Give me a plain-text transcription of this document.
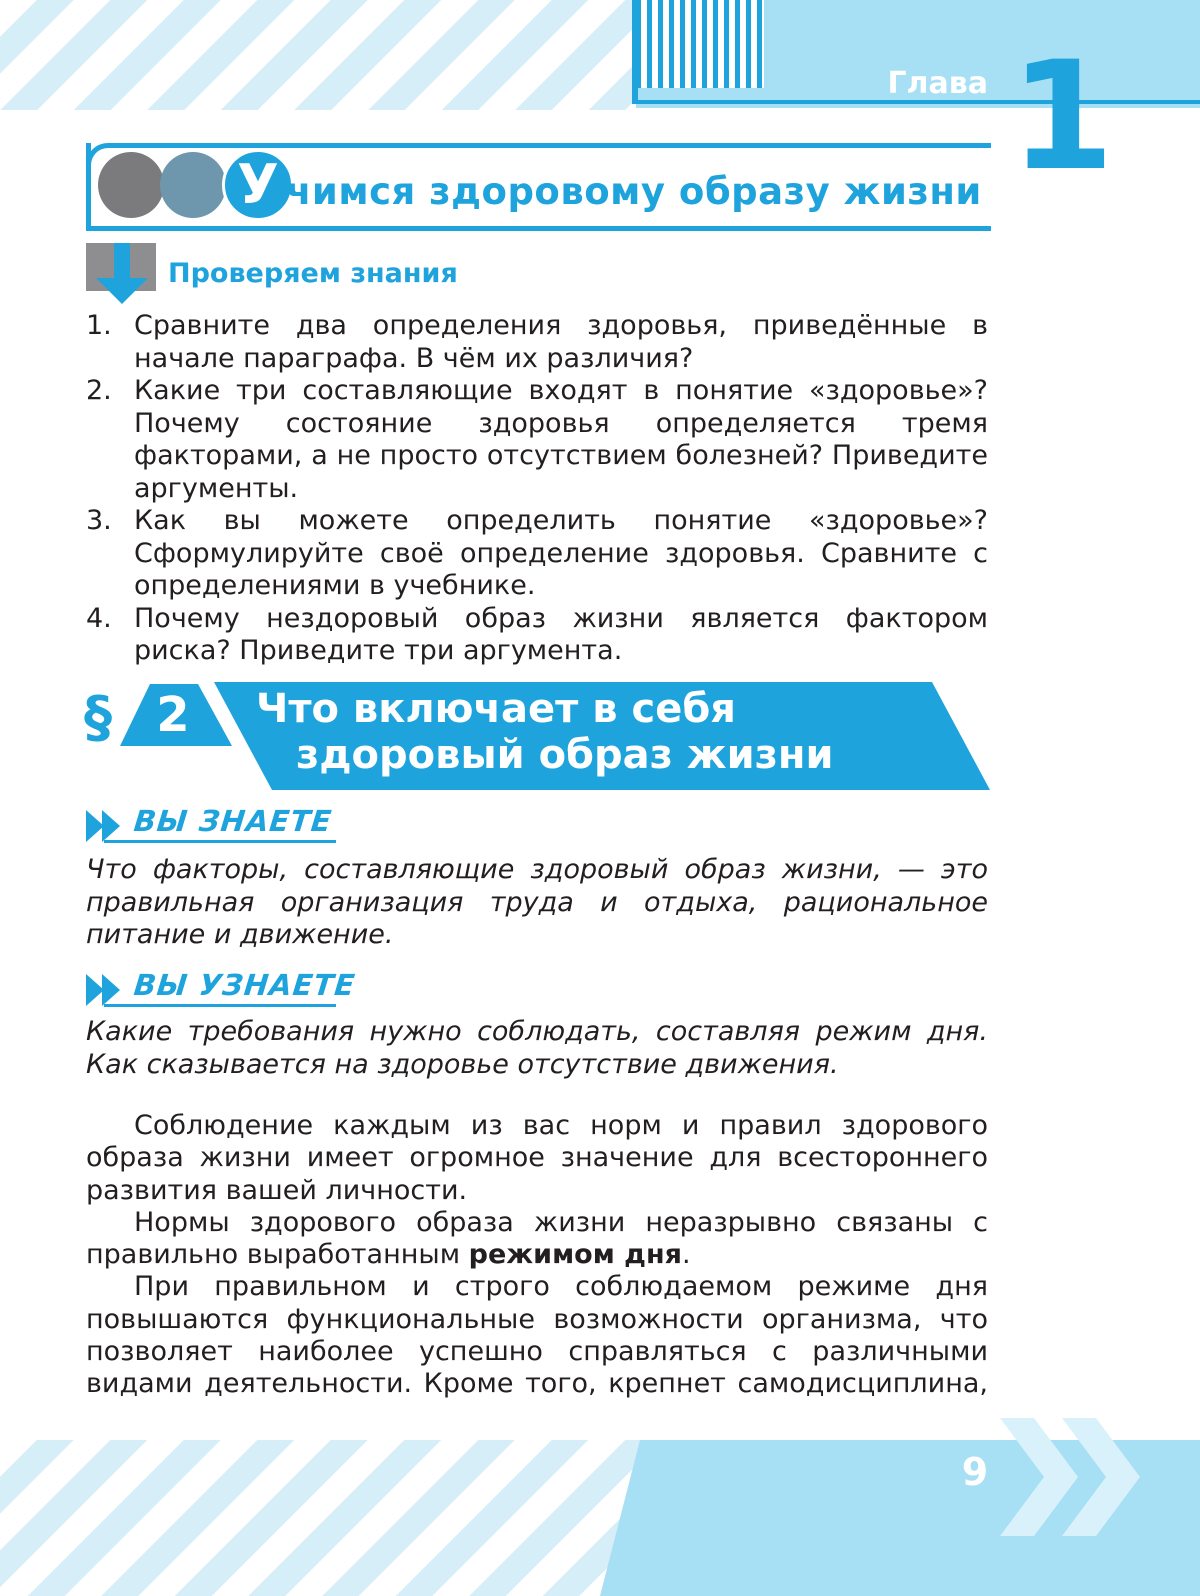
Глава 1
У чимся здоровому образу жизни
Проверяем знания
1. Сравните два определения здоровья, приведённые в начале параграфа. В чём их различия?
2. Какие три составляющие входят в понятие «здоровье»? Почему состояние здоровья определяется тремя факторами, а не просто отсутствием болезней? Приведите аргументы.
3. Как вы можете определить понятие «здоровье»? Сформулируйте своё определение здоровья. Сравните с определениями в учебнике.
4. Почему нездоровый образ жизни является фактором риска? Приведите три аргумента.
§ 2 Что включает в себя
здоровый образ жизни
ВЫ ЗНАЕТЕ
Что факторы, составляющие здоровый образ жизни, — это правильная организация труда и отдыха, рациональное питание и движение.
ВЫ УЗНАЕТЕ
Какие требования нужно соблюдать, составляя режим дня. Как сказывается на здоровье отсутствие движения.

Соблюдение каждым из вас норм и правил здорового образа жизни имеет огромное значение для всестороннего развития вашей личности.

Нормы здорового образа жизни неразрывно связаны с правильно выработанным режимом дня.

При правильном и строго соблюдаемом режиме дня повышаются функциональные возможности организма, что позволяет наиболее успешно справляться с различными видами деятельности. Кроме того, крепнет самодисциплина,

9
